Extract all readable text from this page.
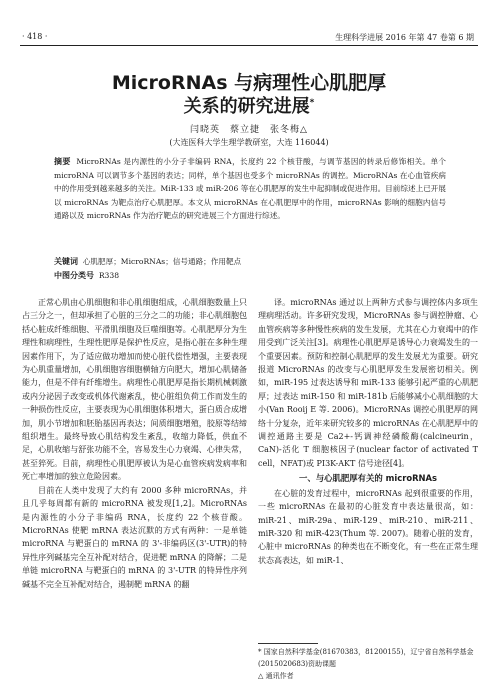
· 418 ·	生理科学进展 2016 年第 47 卷第 6 期
MicroRNAs 与病理性心肌肥厚
关系的研究进展*
闫晓英　蔡立捷　张冬梅△
(大连医科大学生理学教研室，大连 116044)
摘要 MicroRNAs 是内源性的小分子非编码 RNA，长度约 22 个核苷酸，与调节基因的转录后修饰相关。单个 microRNA 可以调节多个基因的表达；同样，单个基因也受多个 microRNAs 的调控。MicroRNAs 在心血管疾病中的作用受到越来越多的关注。MiR-133 或 miR-206 等在心肌肥厚的发生中起抑制或促进作用。目前综述上已开展以 microRNAs 为靶点治疗心肌肥厚。本文从 microRNAs 在心肌肥厚中的作用，microRNAs 影响的细胞内信号通路以及 microRNAs 作为治疗靶点的研究进展三个方面进行综述。
关键词 心肌肥厚；MicroRNAs；信号通路；作用靶点
中图分类号 R338

正常心肌由心肌细胞和非心肌细胞组成，心肌细胞数量上只占三分之一，但却承担了心脏的三分之二的功能；非心肌细胞包括心脏成纤维细胞、平滑肌细胞及巨噬细胞等。心肌肥厚分为生理性和病理性，生理性肥厚是保护性反应，是指心脏在多种生理因素作用下，为了适应做功增加而使心脏代偿性增强，主要表现为心肌重量增加，心肌细胞容细胞横轴方向肥大，增加心肌储备能力，但是不伴有纤维增生。病理性心肌肥厚是指长期机械刺激或内分泌因子改变或机体代谢紊乱，使心脏组负荷工作而发生的一种损伤性反应，主要表现为心肌细胞体积增大，蛋白质合成增加，肌小节增加和胚胎基因再表达；间质细胞增殖，胶原等结缔组织增生。最终导致心肌结构发生紊乱，收缩力降低，供血不足，心肌收缩与舒张功能不全，容易发生心力衰竭、心律失常，甚至猝死。目前，病理性心肌肥厚被认为是心血管疾病发病率和死亡率增加的独立危险因素。

目前在人类中发现了大约有 2000 多种 microRNAs，并且几乎每周都有新的 microRNA 被发现[1,2]。MicroRNAs 是内源性的小分子非编码 RNA，长度约 22 个核苷酸。MicroRNAs 使靶 mRNA 表达沉默的方式有两种：一是单链 microRNA 与靶蛋白的 mRNA 的 3'-非编码区(3'-UTR)的特异性序列碱基完全互补配对结合，促进靶 mRNA 的降解；二是单链 microRNA 与靶蛋白的 mRNA 的 3'-UTR 的特异性序列碱基不完全互补配对结合，遏制靶 mRNA 的翻

译。microRNAs 通过以上两种方式参与调控体内多项生理病理活动。许多研究发现，MicroRNAs 参与调控肿瘤、心血管疾病等多种慢性疾病的发生发展，尤其在心力衰竭中的作用受到广泛关注[3]。病理性心肌肥厚是诱导心力衰竭发生的一个重要因素。预防和控制心肌肥厚的发生发展尤为重要。研究报道 MicroRNAs 的改变与心肌肥厚发生发展密切相关。例如，miR-195 过表达诱导和 miR-133 能够引起严重的心肌肥厚；过表达 miR-150 和 miR-181b 后能够减小心肌细胞的大小(Van Rooij E 等. 2006)。MicroRNAs 调控心肌肥厚的网络十分复杂，近年来研究较多的 microRNAs 在心肌肥厚中的调控通路主要是 Ca2+-钙调神经磷酸酶(calcineurin，CaN)-活化 T 细胞核因子(nuclear factor of activated T cell，NFAT)或 PI3K-AKT 信号途径[4]。

一、与心肌肥厚有关的 microRNAs

在心脏的发育过程中，microRNAs 起到很重要的作用，一些 microRNAs 在最初的心脏发育中表达量很高，如：miR-21、miR-29a、miR-129、miR-210、miR-211、miR-320 和 miR-423(Thum 等. 2007)。随着心脏的发育，心脏中 microRNAs 的种类也在不断变化，有一些在正常生理状态高表达，如 miR-1、

* 国家自然科学基金(81670383，81200155)，辽宁省自然科学基金(2015020683)资助课题
△ 通讯作者
